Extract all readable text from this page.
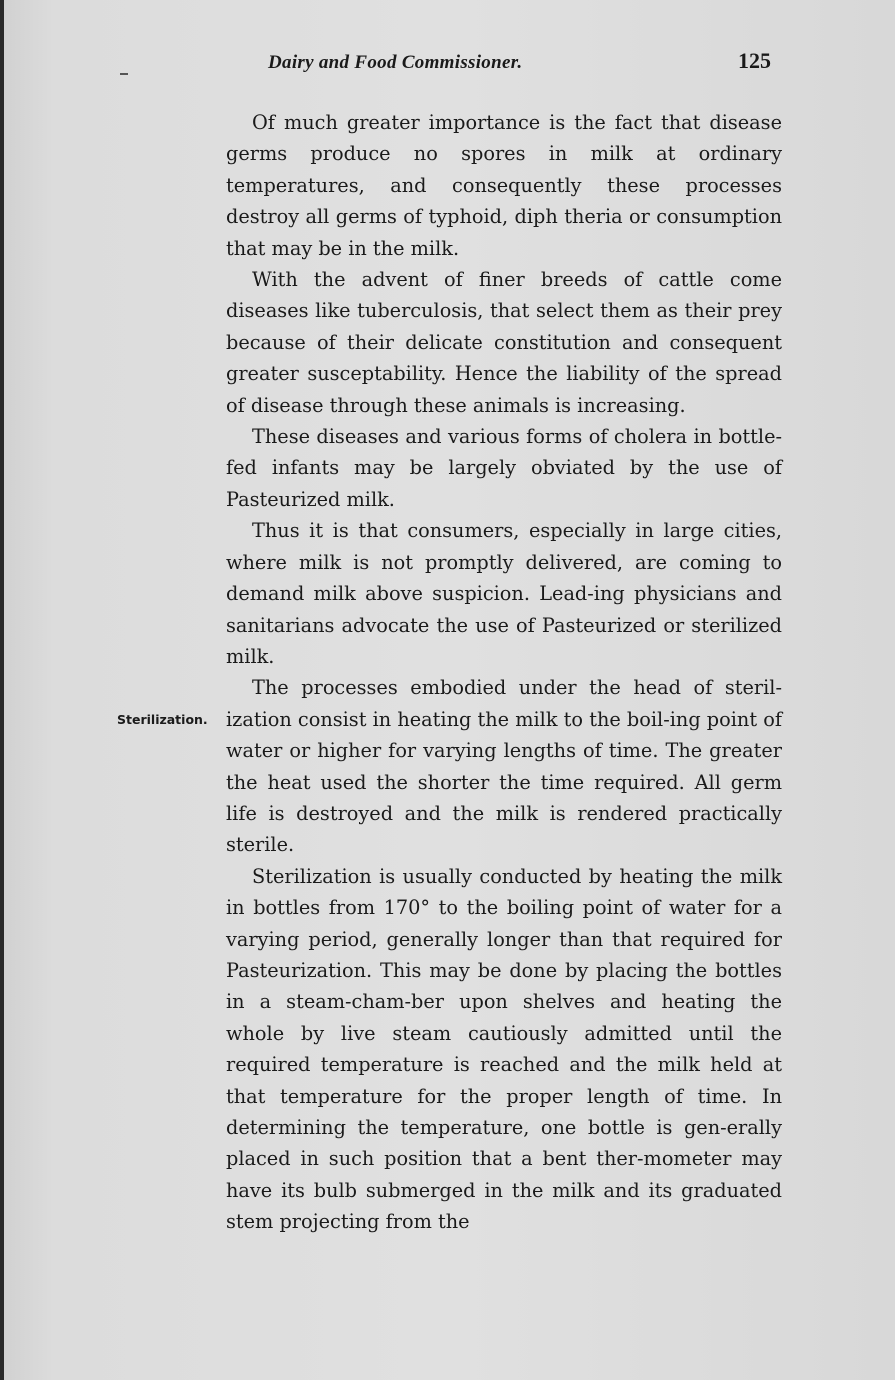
Dairy and Food Commissioner.	125
Sterilization.

Of much greater importance is the fact that disease germs produce no spores in milk at ordinary temperatures, and consequently these processes destroy all germs of typhoid, diph theria or consumption that may be in the milk.

With the advent of finer breeds of cattle come diseases like tuberculosis, that select them as their prey because of their delicate constitution and consequent greater susceptability. Hence the liability of the spread of disease through these animals is increasing.

These diseases and various forms of cholera in bottle-fed infants may be largely obviated by the use of Pasteurized milk.

Thus it is that consumers, especially in large cities, where milk is not promptly delivered, are coming to demand milk above suspicion. Lead-ing physicians and sanitarians advocate the use of Pasteurized or sterilized milk.

The processes embodied under the head of steril-ization consist in heating the milk to the boil-ing point of water or higher for varying lengths of time. The greater the heat used the shorter the time required. All germ life is destroyed and the milk is rendered practically sterile.

Sterilization is usually conducted by heating the milk in bottles from 170° to the boiling point of water for a varying period, generally longer than that required for Pasteurization. This may be done by placing the bottles in a steam-cham-ber upon shelves and heating the whole by live steam cautiously admitted until the required temperature is reached and the milk held at that temperature for the proper length of time. In determining the temperature, one bottle is gen-erally placed in such position that a bent ther-mometer may have its bulb submerged in the milk and its graduated stem projecting from the
